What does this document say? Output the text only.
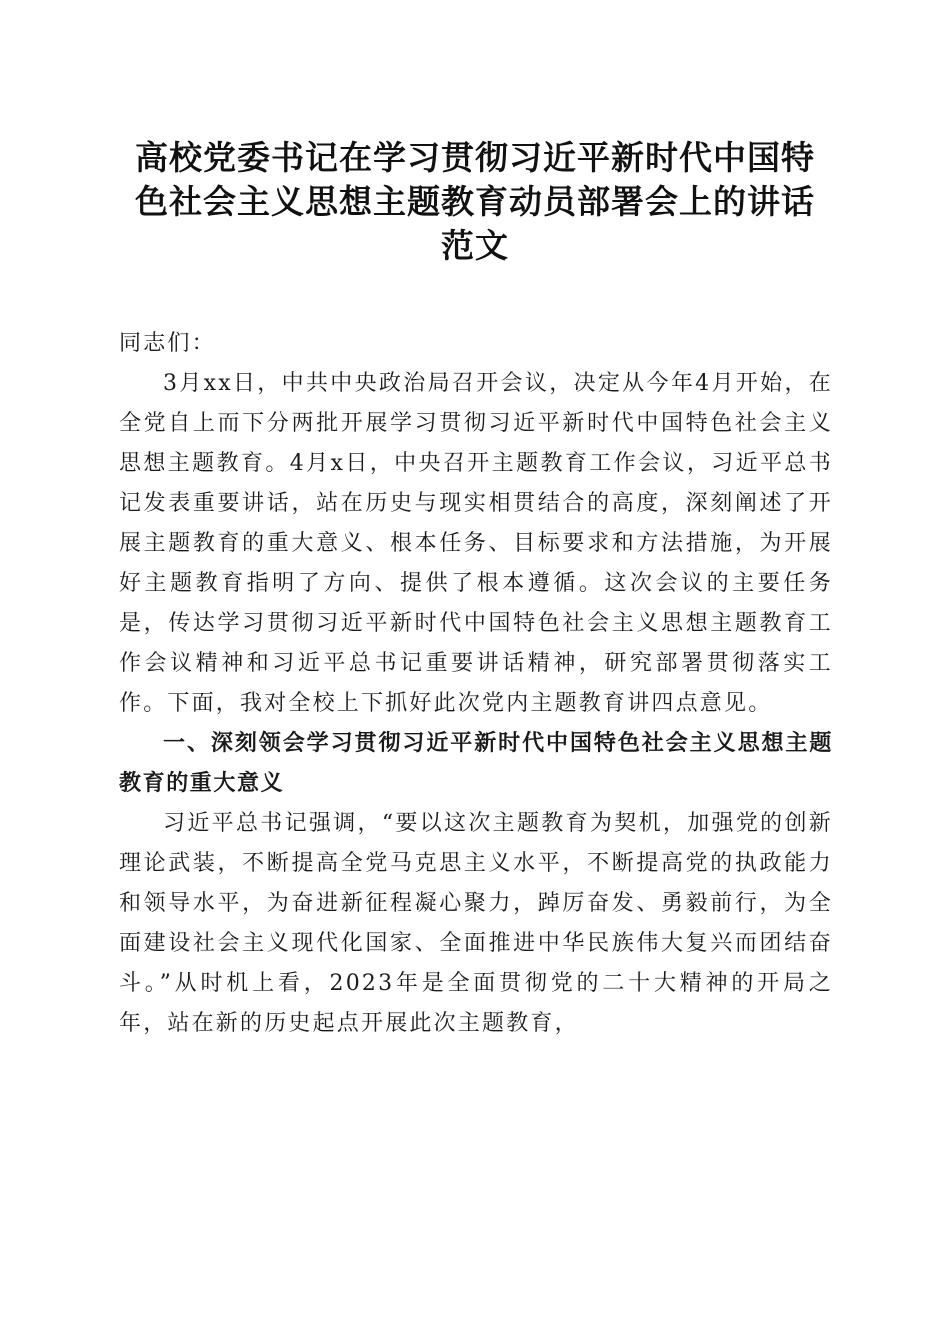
高校党委书记在学习贯彻习近平新时代中国特
色社会主义思想主题教育动员部署会上的讲话
范文

同志们：

3月xx日，中共中央政治局召开会议，决定从今年4月开始，在全党自上而下分两批开展学习贯彻习近平新时代中国特色社会主义思想主题教育。4月x日，中央召开主题教育工作会议，习近平总书记发表重要讲话，站在历史与现实相贯结合的高度，深刻阐述了开展主题教育的重大意义、根本任务、目标要求和方法措施，为开展好主题教育指明了方向、提供了根本遵循。这次会议的主要任务是，传达学习贯彻习近平新时代中国特色社会主义思想主题教育工作会议精神和习近平总书记重要讲话精神，研究部署贯彻落实工作。下面，我对全校上下抓好此次党内主题教育讲四点意见。

一、深刻领会学习贯彻习近平新时代中国特色社会主义思想主题教育的重大意义

习近平总书记强调，“要以这次主题教育为契机，加强党的创新理论武装，不断提高全党马克思主义水平，不断提高党的执政能力和领导水平，为奋进新征程凝心聚力，踔厉奋发、勇毅前行，为全面建设社会主义现代化国家、全面推进中华民族伟大复兴而团结奋斗。”从时机上看，2023年是全面贯彻党的二十大精神的开局之年，站在新的历史起点开展此次主题教育，
